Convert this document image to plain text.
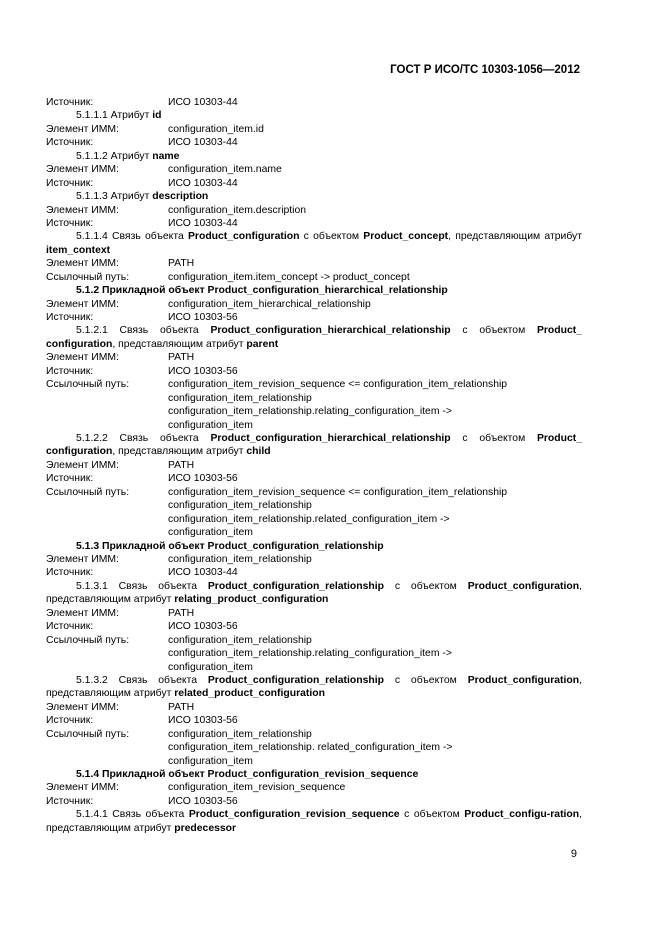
ГОСТ Р ИСО/ТС 10303-1056—2012
Источник:	ИСО 10303-44
5.1.1.1 Атрибут id
Элемент ИММ:	configuration_item.id
Источник:	ИСО 10303-44
5.1.1.2 Атрибут name
Элемент ИММ:	configuration_item.name
Источник:	ИСО 10303-44
5.1.1.3 Атрибут description
Элемент ИММ:	configuration_item.description
Источник:	ИСО 10303-44
5.1.1.4 Связь объекта Product_configuration с объектом Product_concept, представляющим атрибут item_context
Элемент ИММ:	PATH
Ссылочный путь:	configuration_item.item_concept -> product_concept
5.1.2 Прикладной объект Product_configuration_hierarchical_relationship
Элемент ИММ:	configuration_item_hierarchical_relationship
Источник:	ИСО 10303-56
5.1.2.1 Связь объекта Product_configuration_hierarchical_relationship с объектом Product_ configuration, представляющим атрибут parent
Элемент ИММ:	PATH
Источник:	ИСО 10303-56
Ссылочный путь:	configuration_item_revision_sequence <= configuration_item_relationship
configuration_item_relationship
configuration_item_relationship.relating_configuration_item ->
configuration_item
5.1.2.2 Связь объекта Product_configuration_hierarchical_relationship с объектом Product_ configuration, представляющим атрибут child
Элемент ИММ:	PATH
Источник:	ИСО 10303-56
Ссылочный путь:	configuration_item_revision_sequence <= configuration_item_relationship
configuration_item_relationship
configuration_item_relationship.related_configuration_item ->
configuration_item
5.1.3 Прикладной объект Product_configuration_relationship
Элемент ИММ:	configuration_item_relationship
Источник:	ИСО 10303-44
5.1.3.1 Связь объекта Product_configuration_relationship с объектом Product_configuration, представляющим атрибут relating_product_configuration
Элемент ИММ:	PATH
Источник:	ИСО 10303-56
Ссылочный путь:	configuration_item_relationship
configuration_item_relationship.relating_configuration_item ->
configuration_item
5.1.3.2 Связь объекта Product_configuration_relationship с объектом Product_configuration, представляющим атрибут related_product_configuration
Элемент ИММ:	PATH
Источник:	ИСО 10303-56
Ссылочный путь:	configuration_item_relationship
configuration_item_relationship. related_configuration_item ->
configuration_item
5.1.4 Прикладной объект Product_configuration_revision_sequence
Элемент ИММ:	configuration_item_revision_sequence
Источник:	ИСО 10303-56
5.1.4.1 Связь объекта Product_configuration_revision_sequence с объектом Product_configu-ration, представляющим атрибут predecessor
9
